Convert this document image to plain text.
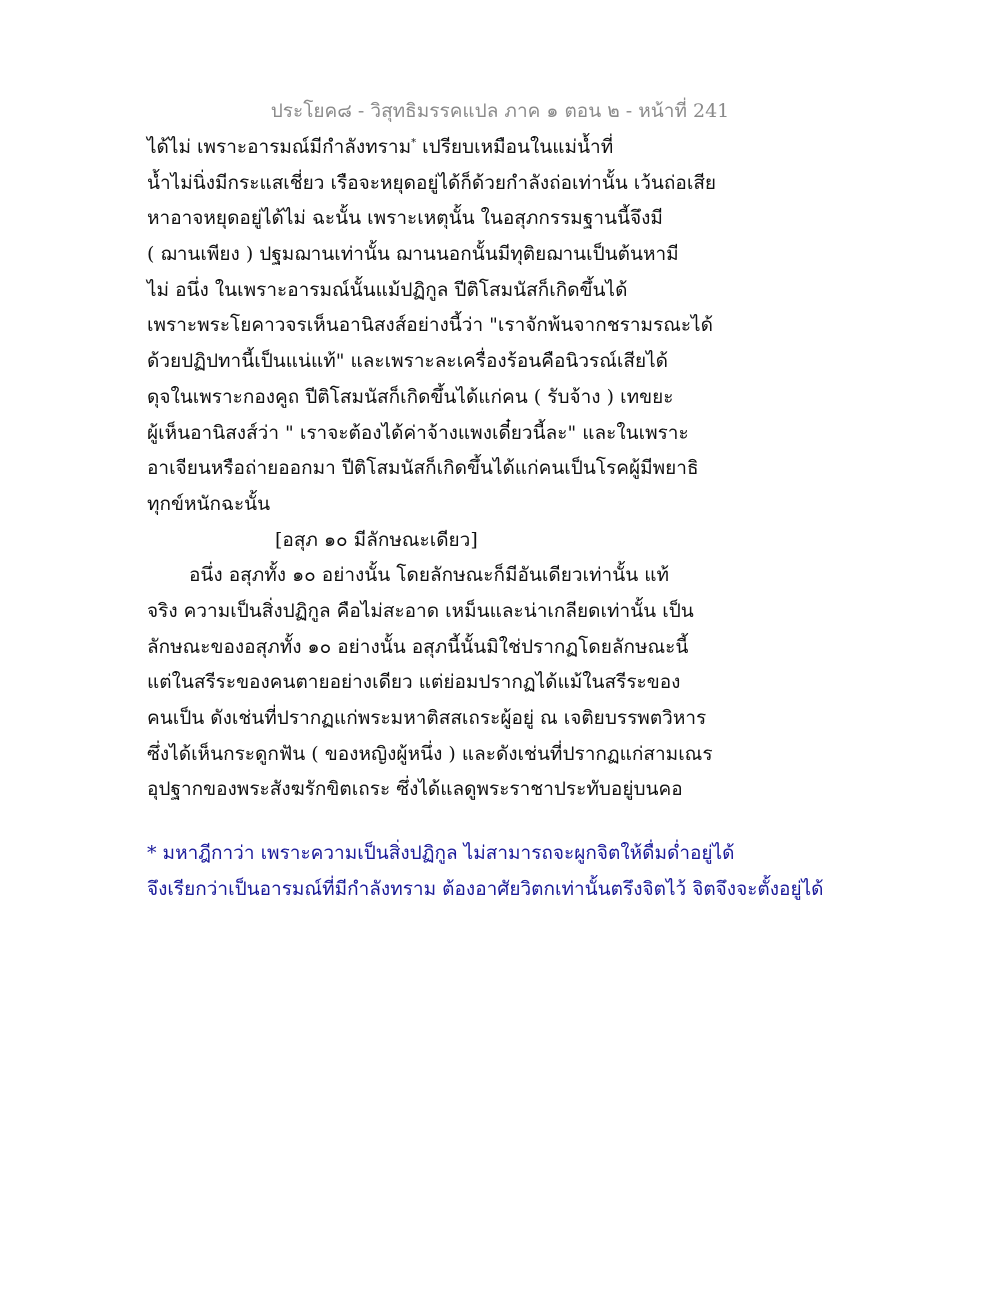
ประโยค๘ - วิสุทธิมรรคแปล ภาค ๑ ตอน ๒ - หน้าที่ 241
ได้ไม่ เพราะอารมณ์มีกำลังทราม* เปรียบเหมือนในแม่น้ำที่
น้ำไม่นิ่งมีกระแสเชี่ยว เรือจะหยุดอยู่ได้ก็ด้วยกำลังถ่อเท่านั้น เว้นถ่อเสีย
หาอาจหยุดอยู่ได้ไม่ ฉะนั้น เพราะเหตุนั้น ในอสุภกรรมฐานนี้จึงมี
( ฌานเพียง ) ปฐมฌานเท่านั้น ฌานนอกนั้นมีทุติยฌานเป็นต้นหามี
ไม่ อนึ่ง ในเพราะอารมณ์นั้นแม้ปฏิกูล ปีติโสมนัสก็เกิดขึ้นได้
เพราะพระโยคาวจรเห็นอานิสงส์อย่างนี้ว่า "เราจักพ้นจากชรามรณะได้
ด้วยปฏิปทานี้เป็นแน่แท้" และเพราะละเครื่องร้อนคือนิวรณ์เสียได้
ดุจในเพราะกองคูถ ปีติโสมนัสก็เกิดขึ้นได้แก่คน ( รับจ้าง ) เทขยะ
ผู้เห็นอานิสงส์ว่า " เราจะต้องได้ค่าจ้างแพงเดี๋ยวนี้ละ" และในเพราะ
อาเจียนหรือถ่ายออกมา ปีติโสมนัสก็เกิดขึ้นได้แก่คนเป็นโรคผู้มีพยาธิ
ทุกข์หนักฉะนั้น
[อสุภ ๑๐ มีลักษณะเดียว]
อนึ่ง อสุภทั้ง ๑๐ อย่างนั้น โดยลักษณะก็มีอันเดียวเท่านั้น แท้
จริง ความเป็นสิ่งปฏิกูล คือไม่สะอาด เหม็นและน่าเกลียดเท่านั้น เป็น
ลักษณะของอสุภทั้ง ๑๐ อย่างนั้น อสุภนี้นั้นมิใช่ปรากฏโดยลักษณะนี้
แต่ในสรีระของคนตายอย่างเดียว แต่ย่อมปรากฏได้แม้ในสรีระของ
คนเป็น ดังเช่นที่ปรากฏแก่พระมหาติสสเถระผู้อยู่ ณ เจติยบรรพตวิหาร
ซึ่งได้เห็นกระดูกฟัน ( ของหญิงผู้หนึ่ง ) และดังเช่นที่ปรากฏแก่สามเณร
อุปฐากของพระสังฆรักขิตเถระ ซึ่งได้แลดูพระราชาประทับอยู่บนคอ
* มหาฎีกาว่า เพราะความเป็นสิ่งปฏิกูล ไม่สามารถจะผูกจิตให้ดื่มด่ำอยู่ได้
จึงเรียกว่าเป็นอารมณ์ที่มีกำลังทราม ต้องอาศัยวิตกเท่านั้นตรึงจิตไว้ จิตจึงจะตั้งอยู่ได้
